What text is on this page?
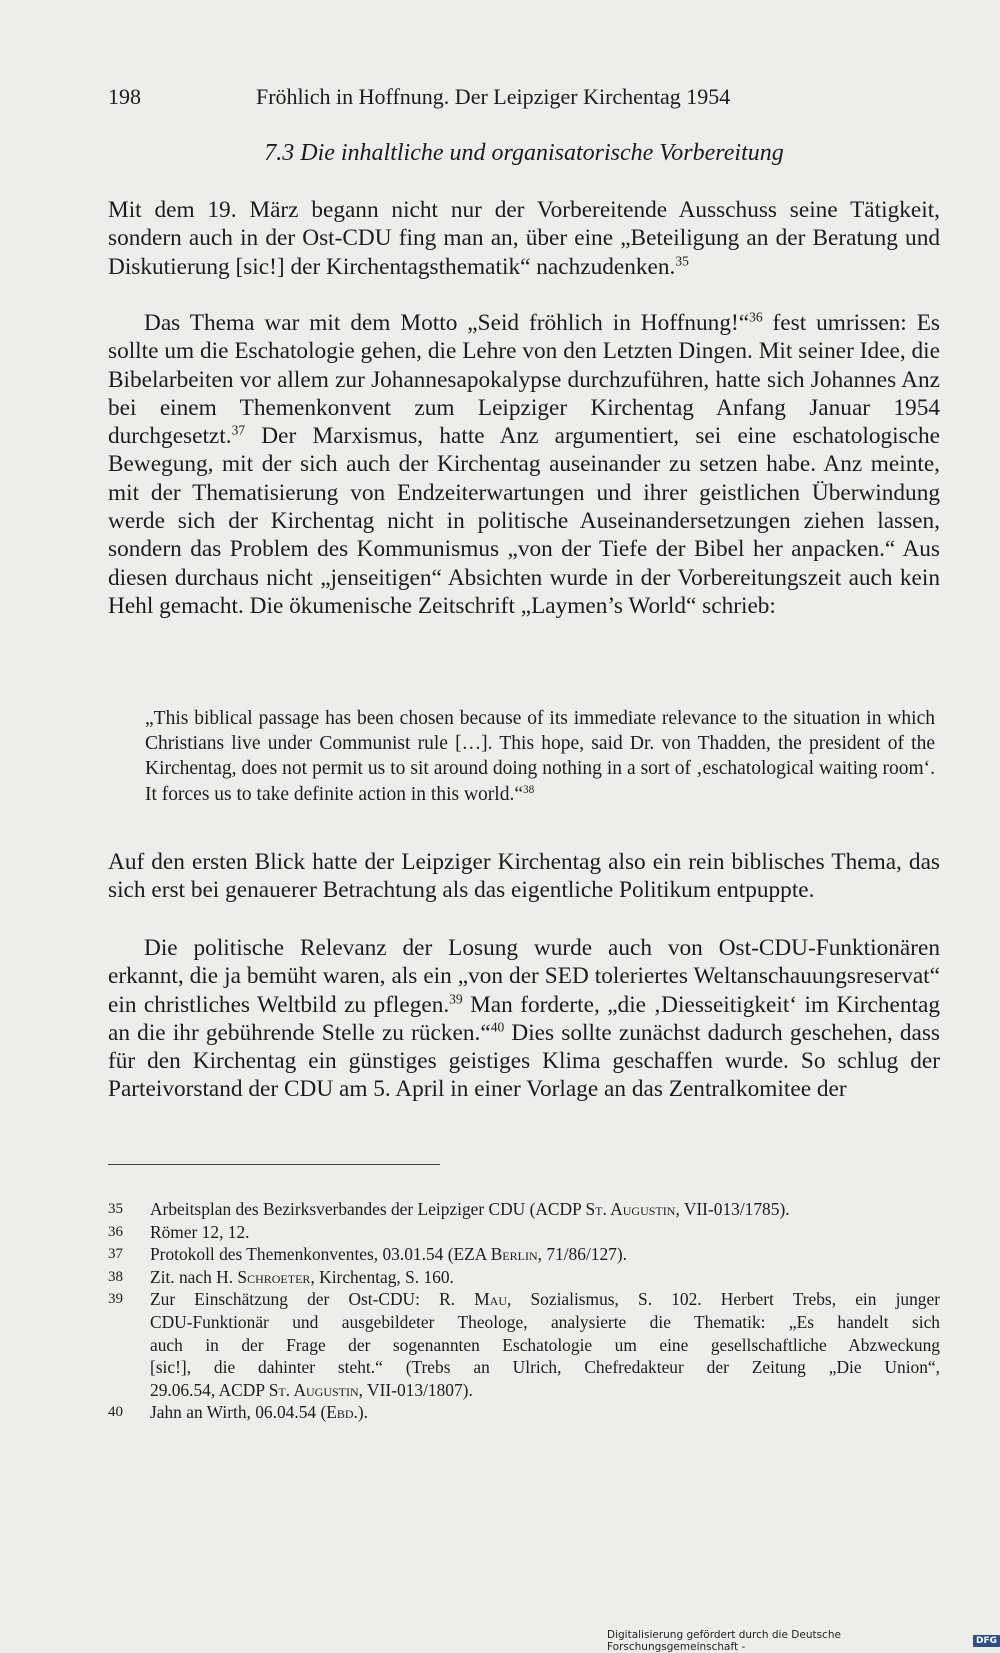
198	Fröhlich in Hoffnung. Der Leipziger Kirchentag 1954
7.3 Die inhaltliche und organisatorische Vorbereitung

Mit dem 19. März begann nicht nur der Vorbereitende Ausschuss seine Tätigkeit, sondern auch in der Ost-CDU fing man an, über eine „Beteiligung an der Beratung und Diskutierung [sic!] der Kirchentagsthematik“ nachzudenken.$^{35}$

Das Thema war mit dem Motto „Seid fröhlich in Hoffnung!“$^{36}$ fest umrissen: Es sollte um die Eschatologie gehen, die Lehre von den Letzten Dingen. Mit seiner Idee, die Bibelarbeiten vor allem zur Johannesapokalypse durchzuführen, hatte sich Johannes Anz bei einem Themenkonvent zum Leipziger Kirchentag Anfang Januar 1954 durchgesetzt.$^{37}$ Der Marxismus, hatte Anz argumentiert, sei eine eschatologische Bewegung, mit der sich auch der Kirchentag auseinander zu setzen habe. Anz meinte, mit der Thematisierung von Endzeiterwartungen und ihrer geistlichen Überwindung werde sich der Kirchentag nicht in politische Auseinandersetzungen ziehen lassen, sondern das Problem des Kommunismus „von der Tiefe der Bibel her anpacken.“ Aus diesen durchaus nicht „jenseitigen“ Absichten wurde in der Vorbereitungszeit auch kein Hehl gemacht. Die ökumenische Zeitschrift „Laymen’s World“ schrieb:

„This biblical passage has been chosen because of its immediate relevance to the situation in which Christians live under Communist rule […]. This hope, said Dr. von Thadden, the president of the Kirchentag, does not permit us to sit around doing nothing in a sort of ‚eschatological waiting room‘. It forces us to take definite action in this world.“$^{38}$

Auf den ersten Blick hatte der Leipziger Kirchentag also ein rein biblisches Thema, das sich erst bei genauerer Betrachtung als das eigentliche Politikum entpuppte.

Die politische Relevanz der Losung wurde auch von Ost-CDU-Funktionären erkannt, die ja bemüht waren, als ein „von der SED toleriertes Weltanschauungsreservat“ ein christliches Weltbild zu pflegen.$^{39}$ Man forderte, „die ‚Diesseitigkeit‘ im Kirchentag an die ihr gebührende Stelle zu rücken.“$^{40}$ Dies sollte zunächst dadurch geschehen, dass für den Kirchentag ein günstiges geistiges Klima geschaffen wurde. So schlug der Parteivorstand der CDU am 5. April in einer Vorlage an das Zentralkomitee der

35	Arbeitsplan des Bezirksverbandes der Leipziger CDU (ACDP St. Augustin, VII-013/1785).
36	Römer 12, 12.
37	Protokoll des Themenkonventes, 03.01.54 (EZA Berlin, 71/86/127).
38	Zit. nach H. Schroeter, Kirchentag, S. 160.
39	Zur Einschätzung der Ost-CDU: R. Mau, Sozialismus, S. 102. Herbert Trebs, ein junger
CDU-Funktionär und ausgebildeter Theologe, analysierte die Thematik: „Es handelt sich
auch in der Frage der sogenannten Eschatologie um eine gesellschaftliche Abzweckung
[sic!], die dahinter steht.“ (Trebs an Ulrich, Chefredakteur der Zeitung „Die Union“,
29.06.54, ACDP St. Augustin, VII-013/1807).
40	Jahn an Wirth, 06.04.54 (Ebd.).
Digitalisierung gefördert durch die Deutsche Forschungsgemeinschaft -	DFG
